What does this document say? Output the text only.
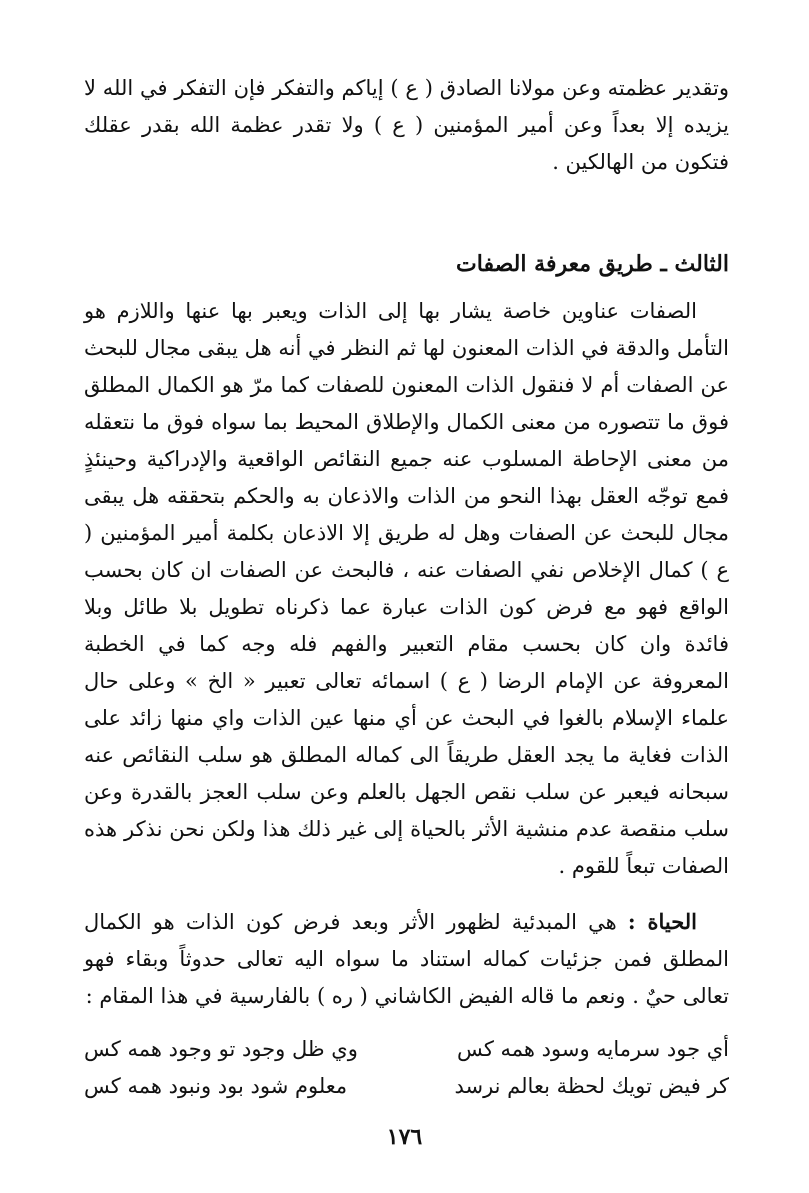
وتقدير عظمته وعن مولانا الصادق ( ع ) إياكم والتفكر فإن التفكر في الله لا يزيده إلا بعداً وعن أمير المؤمنين ( ع ) ولا تقدر عظمة الله بقدر عقلك فتكون من الهالكين .

الثالث ـ طريق معرفة الصفات

الصفات عناوين خاصة يشار بها إلى الذات ويعبر بها عنها واللازم هو التأمل والدقة في الذات المعنون لها ثم النظر في أنه هل يبقى مجال للبحث عن الصفات أم لا فنقول الذات المعنون للصفات كما مرّ هو الكمال المطلق فوق ما تتصوره من معنى الكمال والإطلاق المحيط بما سواه فوق ما نتعقله من معنى الإحاطة المسلوب عنه جميع النقائص الواقعية والإدراكية وحينئذٍ فمع توجّه العقل بهذا النحو من الذات والاذعان به والحكم بتحققه هل يبقى مجال للبحث عن الصفات وهل له طريق إلا الاذعان بكلمة أمير المؤمنين ( ع ) كمال الإخلاص نفي الصفات عنه ، فالبحث عن الصفات ان كان بحسب الواقع فهو مع فرض كون الذات عبارة عما ذكرناه تطويل بلا طائل وبلا فائدة وان كان بحسب مقام التعبير والفهم فله وجه كما في الخطبة المعروفة عن الإمام الرضا ( ع ) اسمائه تعالى تعبير « الخ » وعلى حال علماء الإسلام بالغوا في البحث عن أي منها عين الذات واي منها زائد على الذات فغاية ما يجد العقل طريقاً الى كماله المطلق هو سلب النقائص عنه سبحانه فيعبر عن سلب نقص الجهل بالعلم وعن سلب العجز بالقدرة وعن سلب منقصة عدم منشية الأثر بالحياة إلى غير ذلك هذا ولكن نحن نذكر هذه الصفات تبعاً للقوم .

الحياة : هي المبدئية لظهور الأثر وبعد فرض كون الذات هو الكمال المطلق فمن جزئيات كماله استناد ما سواه اليه تعالى حدوثاً وبقاء فهو تعالى حيٌ . ونعم ما قاله الفيض الكاشاني ( ره ) بالفارسية في هذا المقام :

أي جود سرمايه وسود همه كس
وي ظل وجود تو وجود همه كس
كر فيض تويك لحظة بعالم نرسد
معلوم شود بود ونبود همه كس
١٧٦
